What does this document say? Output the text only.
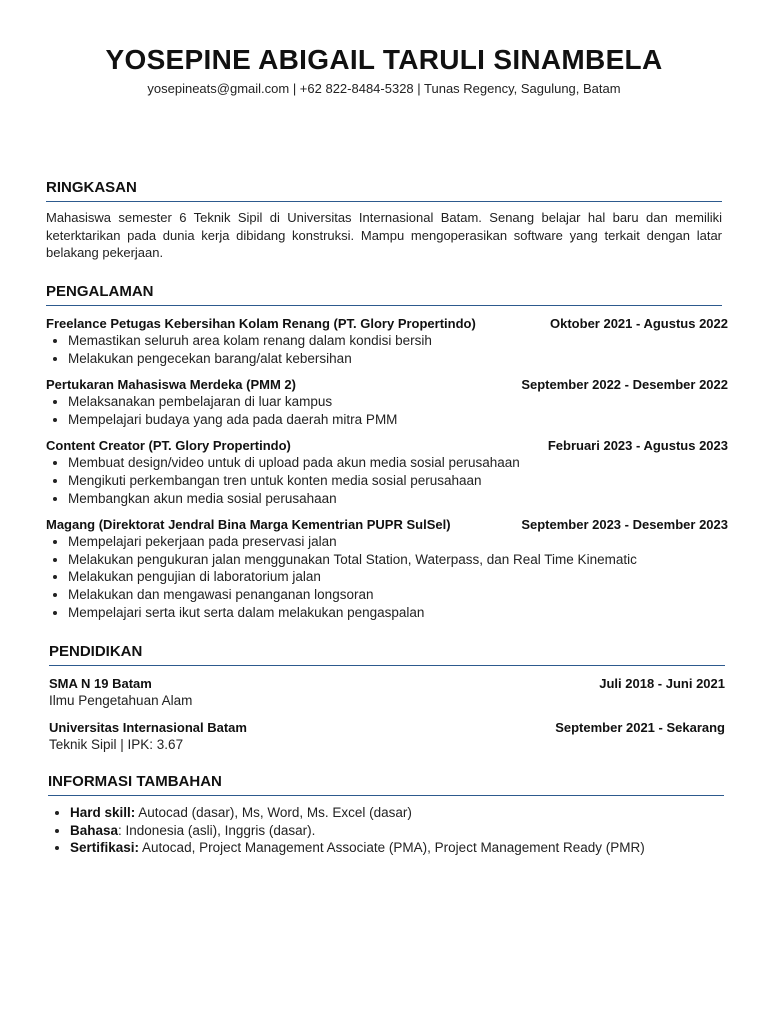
YOSEPINE ABIGAIL TARULI SINAMBELA
yosepineats@gmail.com | +62 822-8484-5328 | Tunas Regency, Sagulung, Batam
RINGKASAN

Mahasiswa semester 6 Teknik Sipil di Universitas Internasional Batam. Senang belajar hal baru dan memiliki keterktarikan pada dunia kerja dibidang konstruksi. Mampu mengoperasikan software yang terkait dengan latar belakang pekerjaan.

PENGALAMAN
Freelance Petugas Kebersihan Kolam Renang (PT. Glory Propertindo)	Oktober 2021 - Agustus 2022
• Memastikan seluruh area kolam renang dalam kondisi bersih
• Melakukan pengecekan barang/alat kebersihan
Pertukaran Mahasiswa Merdeka (PMM 2)	September 2022 - Desember 2022
• Melaksanakan pembelajaran di luar kampus
• Mempelajari budaya yang ada pada daerah mitra PMM
Content Creator (PT. Glory Propertindo)	Februari 2023 - Agustus 2023
• Membuat design/video untuk di upload pada akun media sosial perusahaan
• Mengikuti perkembangan tren untuk konten media sosial perusahaan
• Membangkan akun media sosial perusahaan
Magang (Direktorat Jendral Bina Marga Kementrian PUPR SulSel)	September 2023 - Desember 2023
• Mempelajari pekerjaan pada preservasi jalan
• Melakukan pengukuran jalan menggunakan Total Station, Waterpass, dan Real Time Kinematic
• Melakukan pengujian di laboratorium jalan
• Melakukan dan mengawasi penanganan longsoran
• Mempelajari serta ikut serta dalam melakukan pengaspalan
PENDIDIKAN
SMA N 19 Batam	Juli 2018 - Juni 2021
Ilmu Pengetahuan Alam
Universitas Internasional Batam	September 2021 - Sekarang
Teknik Sipil | IPK: 3.67
INFORMASI TAMBAHAN
• Hard skill: Autocad (dasar), Ms, Word, Ms. Excel (dasar)
• Bahasa: Indonesia (asli), Inggris (dasar).
• Sertifikasi: Autocad, Project Management Associate (PMA), Project Management Ready (PMR)
